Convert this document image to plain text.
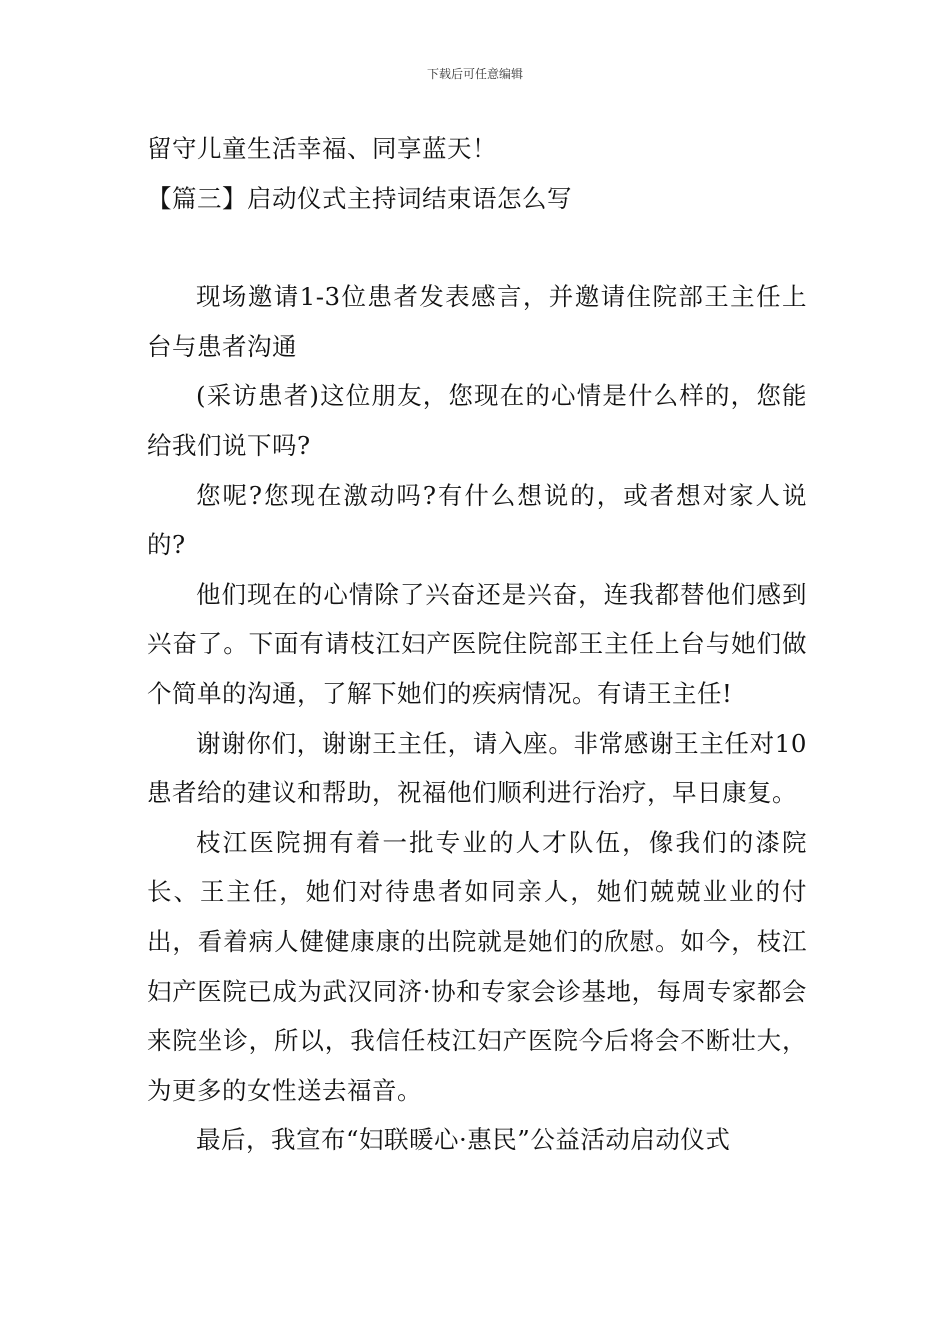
下载后可任意编辑

留守儿童生活幸福、同享蓝天！

【篇三】启动仪式主持词结束语怎么写

现场邀请1-3位患者发表感言，并邀请住院部王主任上台与患者沟通

(采访患者)这位朋友，您现在的心情是什么样的，您能给我们说下吗?

您呢?您现在激动吗?有什么想说的，或者想对家人说的?

他们现在的心情除了兴奋还是兴奋，连我都替他们感到兴奋了。下面有请枝江妇产医院住院部王主任上台与她们做个简单的沟通，了解下她们的疾病情况。有请王主任!

谢谢你们，谢谢王主任，请入座。非常感谢王主任对10患者给的建议和帮助，祝福他们顺利进行治疗，早日康复。

枝江医院拥有着一批专业的人才队伍，像我们的漆院长、王主任，她们对待患者如同亲人，她们兢兢业业的付出，看着病人健健康康的出院就是她们的欣慰。如今，枝江妇产医院已成为武汉同济·协和专家会诊基地，每周专家都会来院坐诊，所以，我信任枝江妇产医院今后将会不断壮大，为更多的女性送去福音。

最后，我宣布“妇联暖心·惠民”公益活动启动仪式
